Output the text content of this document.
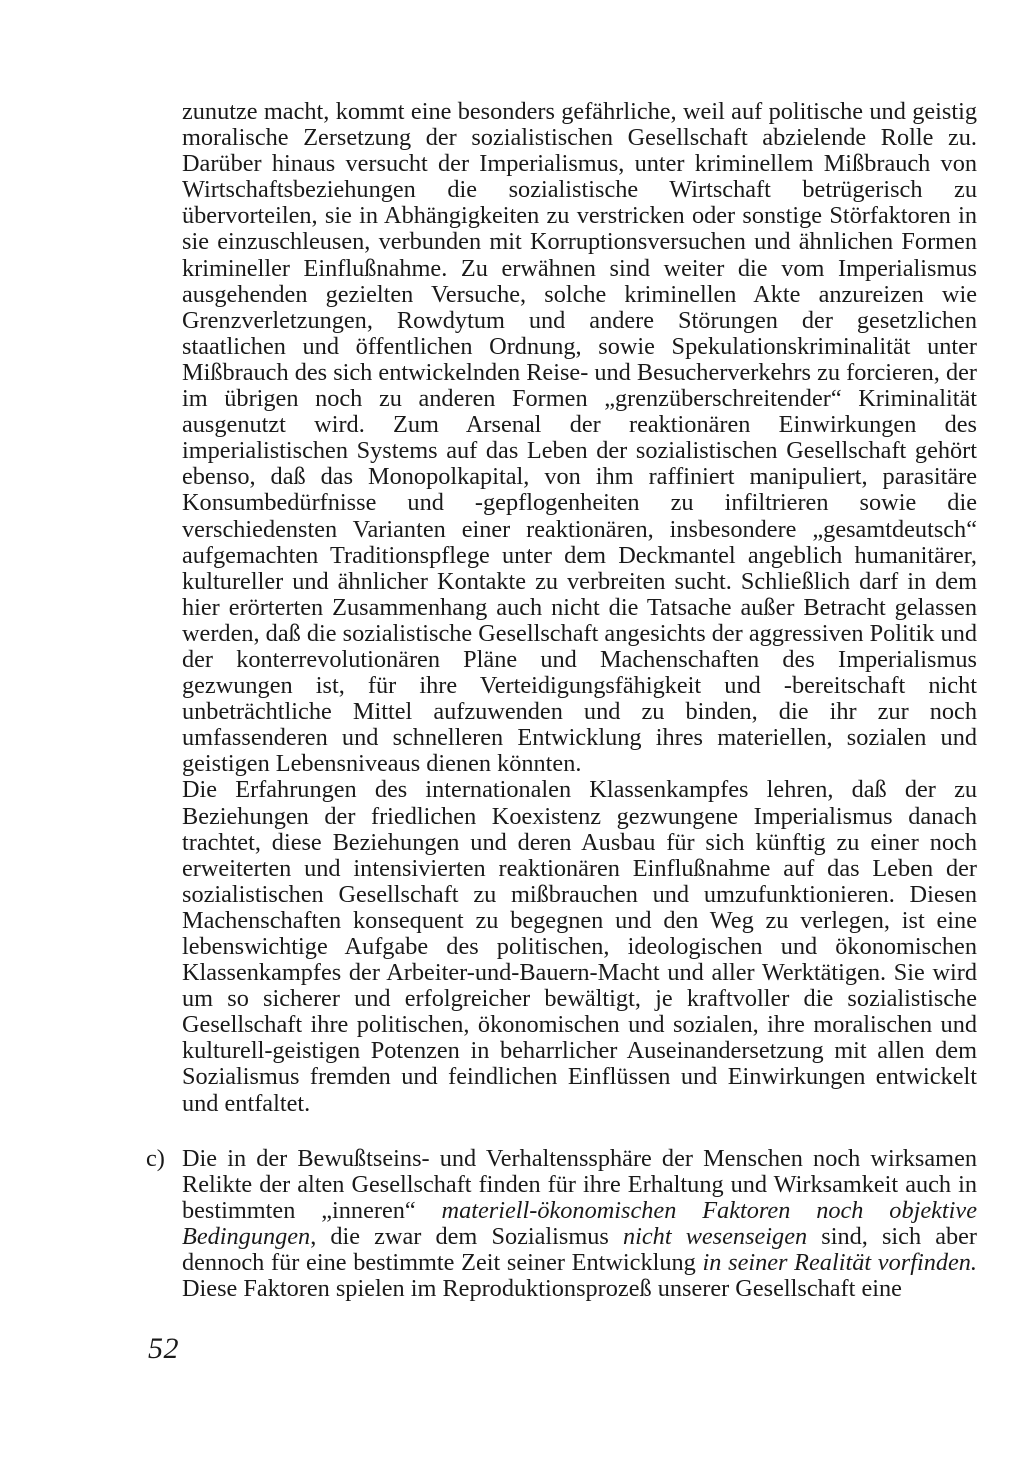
zunutze macht, kommt eine besonders gefährliche, weil auf politische und geistig moralische Zersetzung der sozialistischen Gesellschaft abzielende Rolle zu. Darüber hinaus versucht der Imperialismus, unter kriminellem Mißbrauch von Wirtschaftsbeziehungen die sozialistische Wirtschaft betrügerisch zu übervorteilen, sie in Abhängigkeiten zu verstricken oder sonstige Störfaktoren in sie einzuschleusen, verbunden mit Korruptionsversuchen und ähnlichen Formen krimineller Einflußnahme. Zu erwähnen sind weiter die vom Imperialismus ausgehenden gezielten Versuche, solche kriminellen Akte anzureizen wie Grenzverletzungen, Rowdytum und andere Störungen der gesetzlichen staatlichen und öffentlichen Ordnung, sowie Spekulationskriminalität unter Mißbrauch des sich entwickelnden Reise- und Besucherverkehrs zu forcieren, der im übrigen noch zu anderen Formen „grenzüberschreitender“ Kriminalität ausgenutzt wird. Zum Arsenal der reaktionären Einwirkungen des imperialistischen Systems auf das Leben der sozialistischen Gesellschaft gehört ebenso, daß das Monopolkapital, von ihm raffiniert manipuliert, parasitäre Konsumbedürfnisse und -gepflogenheiten zu infiltrieren sowie die verschiedensten Varianten einer reaktionären, insbesondere „gesamtdeutsch“ aufgemachten Traditionspflege unter dem Deckmantel angeblich humanitärer, kultureller und ähnlicher Kontakte zu verbreiten sucht. Schließlich darf in dem hier erörterten Zusammenhang auch nicht die Tatsache außer Betracht gelassen werden, daß die sozialistische Gesellschaft angesichts der aggressiven Politik und der konterrevolutionären Pläne und Machenschaften des Imperialismus gezwungen ist, für ihre Verteidigungsfähigkeit und -bereitschaft nicht unbeträchtliche Mittel aufzuwenden und zu binden, die ihr zur noch umfassenderen und schnelleren Entwicklung ihres materiellen, sozialen und geistigen Lebensniveaus dienen könnten.

Die Erfahrungen des internationalen Klassenkampfes lehren, daß der zu Beziehungen der friedlichen Koexistenz gezwungene Imperialismus danach trachtet, diese Beziehungen und deren Ausbau für sich künftig zu einer noch erweiterten und intensivierten reaktionären Einflußnahme auf das Leben der sozialistischen Gesellschaft zu mißbrauchen und umzufunktionieren. Diesen Machenschaften konsequent zu begegnen und den Weg zu verlegen, ist eine lebenswichtige Aufgabe des politischen, ideologischen und ökonomischen Klassenkampfes der Arbeiter-und-Bauern-Macht und aller Werktätigen. Sie wird um so sicherer und erfolgreicher bewältigt, je kraftvoller die sozialistische Gesellschaft ihre politischen, ökonomischen und sozialen, ihre moralischen und kulturell-geistigen Potenzen in beharrlicher Auseinandersetzung mit allen dem Sozialismus fremden und feindlichen Einflüssen und Einwirkungen entwickelt und entfaltet.

c) Die in der Bewußtseins- und Verhaltenssphäre der Menschen noch wirksamen Relikte der alten Gesellschaft finden für ihre Erhaltung und Wirksamkeit auch in bestimmten „inneren“ materiell-ökonomischen Faktoren noch objektive Bedingungen, die zwar dem Sozialismus nicht wesenseigen sind, sich aber dennoch für eine bestimmte Zeit seiner Entwicklung in seiner Realität vorfinden. Diese Faktoren spielen im Reproduktionsprozeß unserer Gesellschaft eine
52
